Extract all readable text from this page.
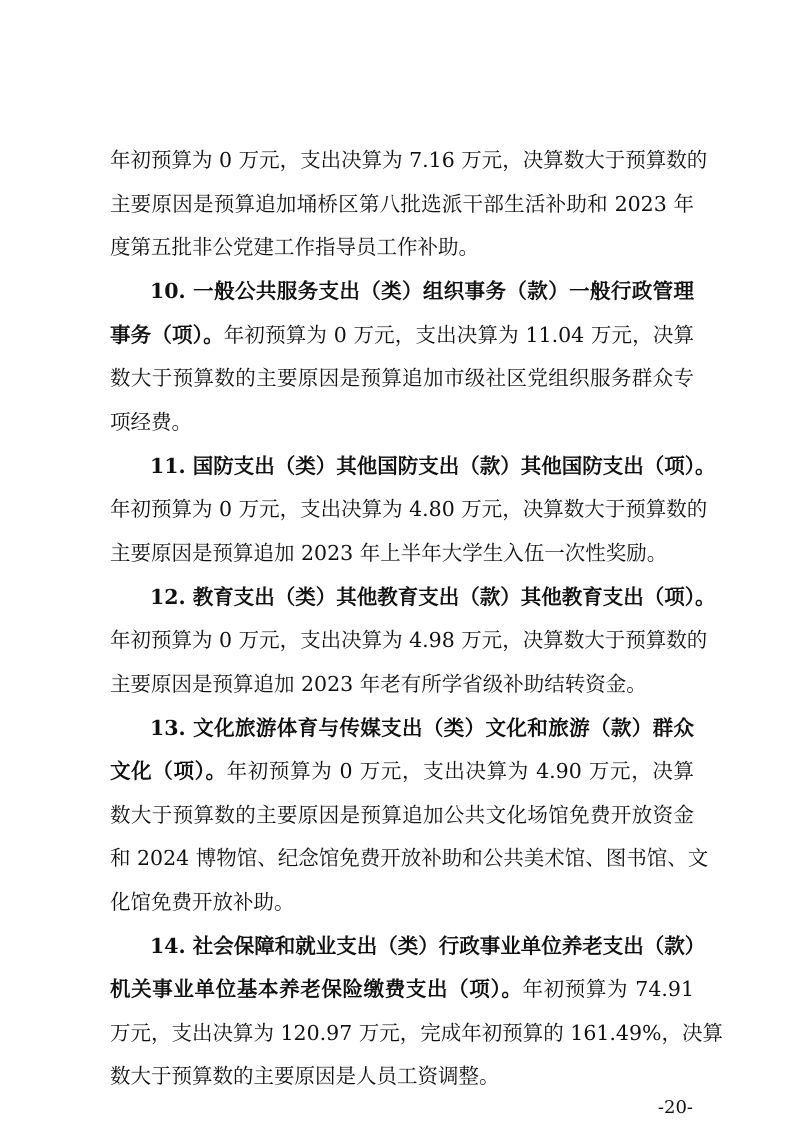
年初预算为 0 万元，支出决算为 7.16 万元，决算数大于预算数的
主要原因是预算追加埇桥区第八批选派干部生活补助和 2023 年
度第五批非公党建工作指导员工作补助。
10. 一般公共服务支出（类）组织事务（款）一般行政管理
事务（项）。年初预算为 0 万元，支出决算为 11.04 万元，决算
数大于预算数的主要原因是预算追加市级社区党组织服务群众专
项经费。
11. 国防支出（类）其他国防支出（款）其他国防支出（项）。
年初预算为 0 万元，支出决算为 4.80 万元，决算数大于预算数的
主要原因是预算追加 2023 年上半年大学生入伍一次性奖励。
12. 教育支出（类）其他教育支出（款）其他教育支出（项）。
年初预算为 0 万元，支出决算为 4.98 万元，决算数大于预算数的
主要原因是预算追加 2023 年老有所学省级补助结转资金。
13. 文化旅游体育与传媒支出（类）文化和旅游（款）群众
文化（项）。年初预算为 0 万元，支出决算为 4.90 万元，决算
数大于预算数的主要原因是预算追加公共文化场馆免费开放资金
和 2024 博物馆、纪念馆免费开放补助和公共美术馆、图书馆、文
化馆免费开放补助。
14. 社会保障和就业支出（类）行政事业单位养老支出（款）
机关事业单位基本养老保险缴费支出（项）。年初预算为 74.91
万元，支出决算为 120.97 万元，完成年初预算的 161.49%，决算
数大于预算数的主要原因是人员工资调整。
-20-
